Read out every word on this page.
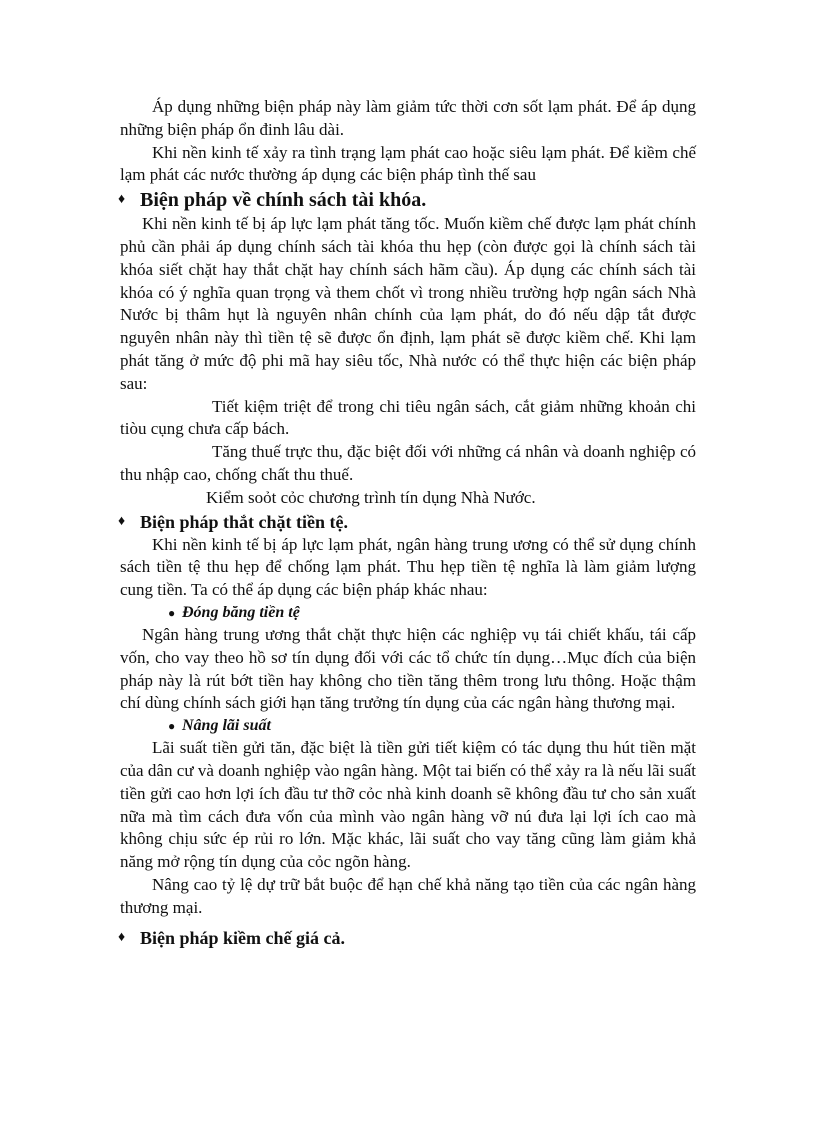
Áp dụng những biện pháp này làm giảm tức thời cơn sốt lạm phát. Để áp dụng những biện pháp ổn đinh lâu dài.

Khi nền kinh tế xảy ra tình trạng lạm phát cao hoặc siêu lạm phát. Để kiềm chế lạm phát các nước thường áp dụng các biện pháp tình thế sau

♦ Biện pháp về chính sách tài khóa.

Khi nền kinh tế bị áp lực lạm phát tăng tốc. Muốn kiềm chế được lạm phát chính phủ cần phải áp dụng chính sách tài khóa thu hẹp (còn được gọi là chính sách tài khóa siết chặt hay thắt chặt hay chính sách hãm cầu). Áp dụng các chính sách tài khóa có ý nghĩa quan trọng và them chốt vì trong nhiều trường hợp ngân sách Nhà Nước bị thâm hụt là nguyên nhân chính của lạm phát, do đó nếu dập tắt được nguyên nhân này thì tiền tệ sẽ được ổn định, lạm phát sẽ được kiềm chế. Khi lạm phát tăng ở mức độ phi mã hay siêu tốc, Nhà nước có thể thực hiện các biện pháp sau:

Tiết kiệm triệt để trong chi tiêu ngân sách, cắt giảm những khoản chi tiòu cụng chưa cấp bách.

Tăng thuế trực thu, đặc biệt đối với những cá nhân và doanh nghiệp có thu nhập cao, chống chất thu thuế.

Kiểm soỏt cỏc chương trình tín dụng Nhà Nước.

♦ Biện pháp thắt chặt tiền tệ.

Khi nền kinh tế bị áp lực lạm phát, ngân hàng trung ương có thể sử dụng chính sách tiền tệ thu hẹp để chống lạm phát. Thu hẹp tiền tệ nghĩa là làm giảm lượng cung tiền. Ta có thể áp dụng các biện pháp khác nhau:

● Đóng băng tiền tệ

Ngân hàng trung ương thắt chặt thực hiện các nghiệp vụ tái chiết khấu, tái cấp vốn, cho vay theo hồ sơ tín dụng đối với các tổ chức tín dụng…Mục đích của biện pháp này là rút bớt tiền hay không cho tiền tăng thêm trong lưu thông. Hoặc thậm chí dùng chính sách giới hạn tăng trưởng tín dụng của các ngân hàng thương mại.

● Nâng lãi suất

Lãi suất tiền gửi tăn, đặc biệt là tiền gửi tiết kiệm có tác dụng thu hút tiền mặt của dân cư và doanh nghiệp vào ngân hàng. Một tai biến có thể xảy ra là nếu lãi suất tiền gửi cao hơn lợi ích đầu tư thỡ cỏc nhà kinh doanh sẽ không đầu tư cho sản xuất nữa mà tìm cách đưa vốn của mình vào ngân hàng vỡ nú đưa lại lợi ích cao mà không chịu sức ép rủi ro lớn. Mặc khác, lãi suất cho vay tăng cũng làm giảm khả năng mở rộng tín dụng của cỏc ngõn hàng.

Nâng cao tỷ lệ dự trữ bắt buộc để hạn chế khả năng tạo tiền của các ngân hàng thương mại.

♦ Biện pháp kiềm chế giá cả.
